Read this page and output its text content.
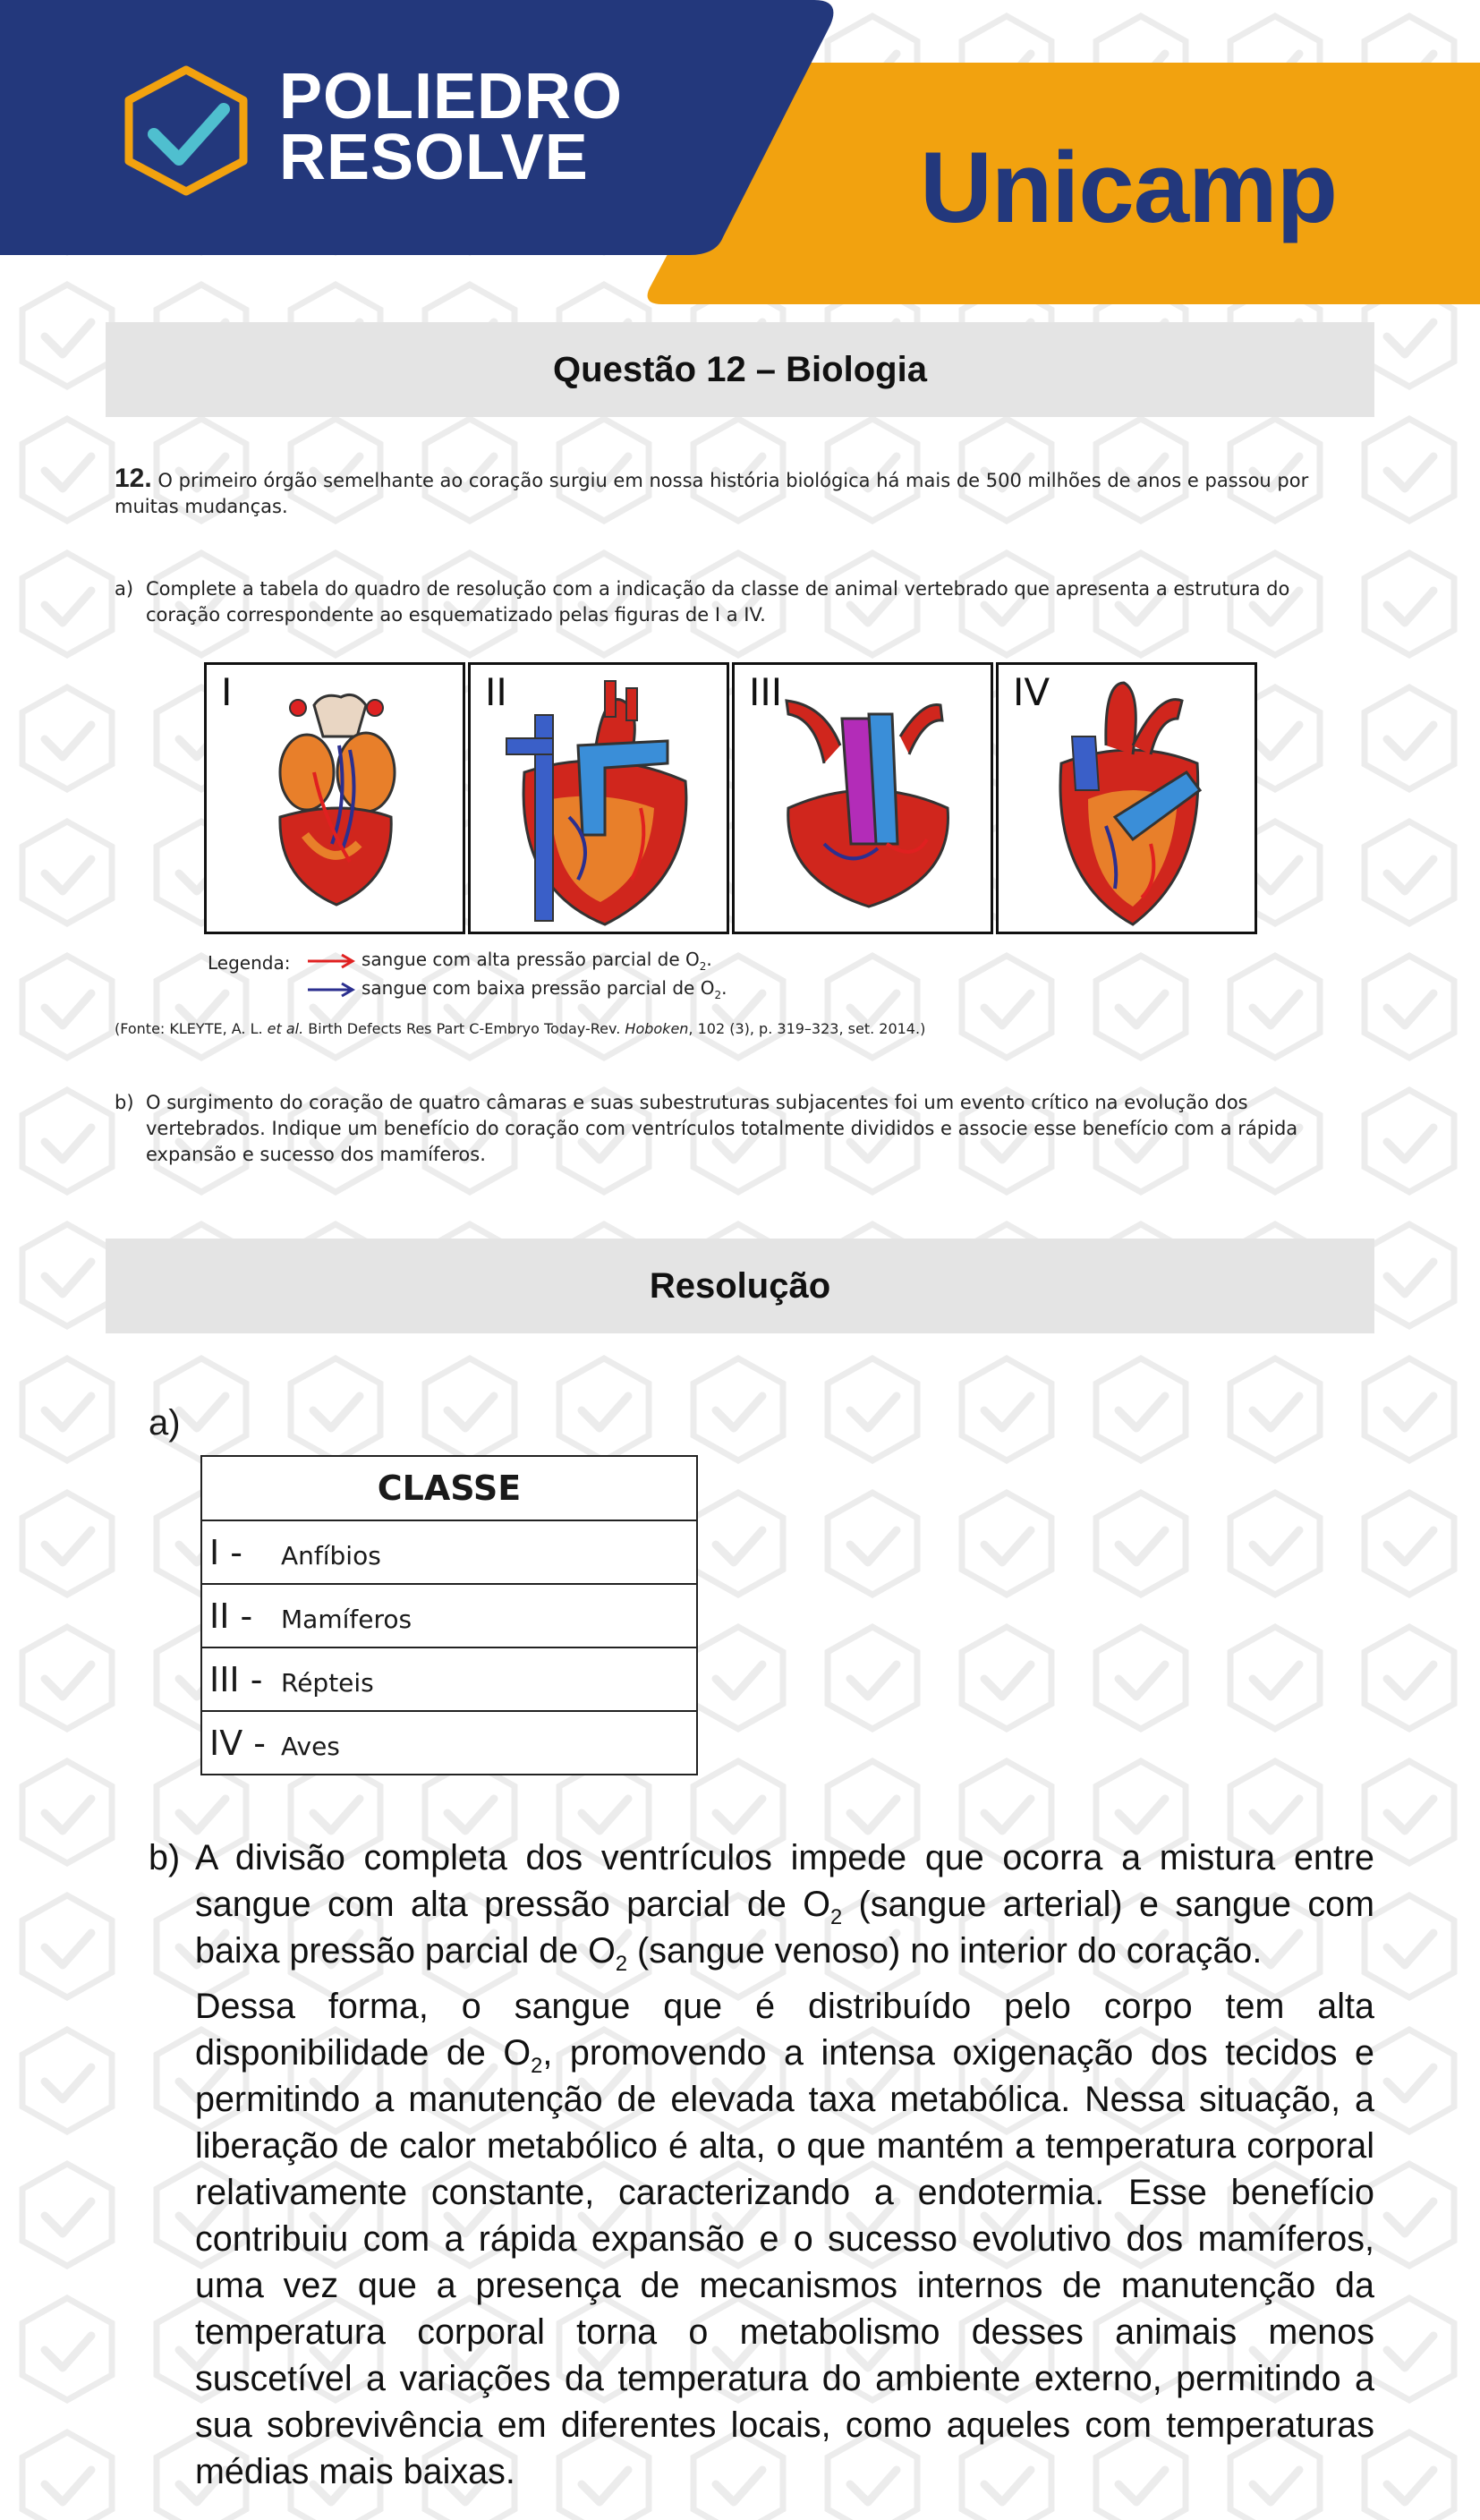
POLIEDRO
RESOLVE	Unicamp
Questão 12 – Biologia
12. O primeiro órgão semelhante ao coração surgiu em nossa história biológica há mais de 500 milhões de anos e passou por muitas mudanças.
a) Complete a tabela do quadro de resolução com a indicação da classe de animal vertebrado que apresenta a estrutura do coração correspondente ao esquematizado pelas figuras de I a IV.
I	II	III	IV
Legenda:	sangue com alta pressão parcial de $O_2$.
sangue com baixa pressão parcial de $O_2$.
(Fonte: KLEYTE, A. L. et al. Birth Defects Res Part C-Embryo Today-Rev. Hoboken, 102 (3), p. 319–323, set. 2014.)
b) O surgimento do coração de quatro câmaras e suas subestruturas subjacentes foi um evento crítico na evolução dos vertebrados. Indique um benefício do coração com ventrículos totalmente divididos e associe esse benefício com a rápida expansão e sucesso dos mamíferos.
Resolução
a)
CLASSE
I - Anfíbios
II - Mamíferos
III - Répteis
IV - Aves
b) A divisão completa dos ventrículos impede que ocorra a mistura entre sangue com alta pressão parcial de $O_2$ (sangue arterial) e sangue com baixa pressão parcial de $O_2$ (sangue venoso) no interior do coração.

Dessa forma, o sangue que é distribuído pelo corpo tem alta disponibilidade de $O_2$, promovendo a intensa oxigenação dos tecidos e permitindo a manutenção de elevada taxa metabólica. Nessa situação, a liberação de calor metabólico é alta, o que mantém a temperatura corporal relativamente constante, caracterizando a endotermia. Esse benefício contribuiu com a rápida expansão e o sucesso evolutivo dos mamíferos, uma vez que a presença de mecanismos internos de manutenção da temperatura corporal torna o metabolismo desses animais menos suscetível a variações da temperatura do ambiente externo, permitindo a sua sobrevivência em diferentes locais, como aqueles com temperaturas médias mais baixas.
